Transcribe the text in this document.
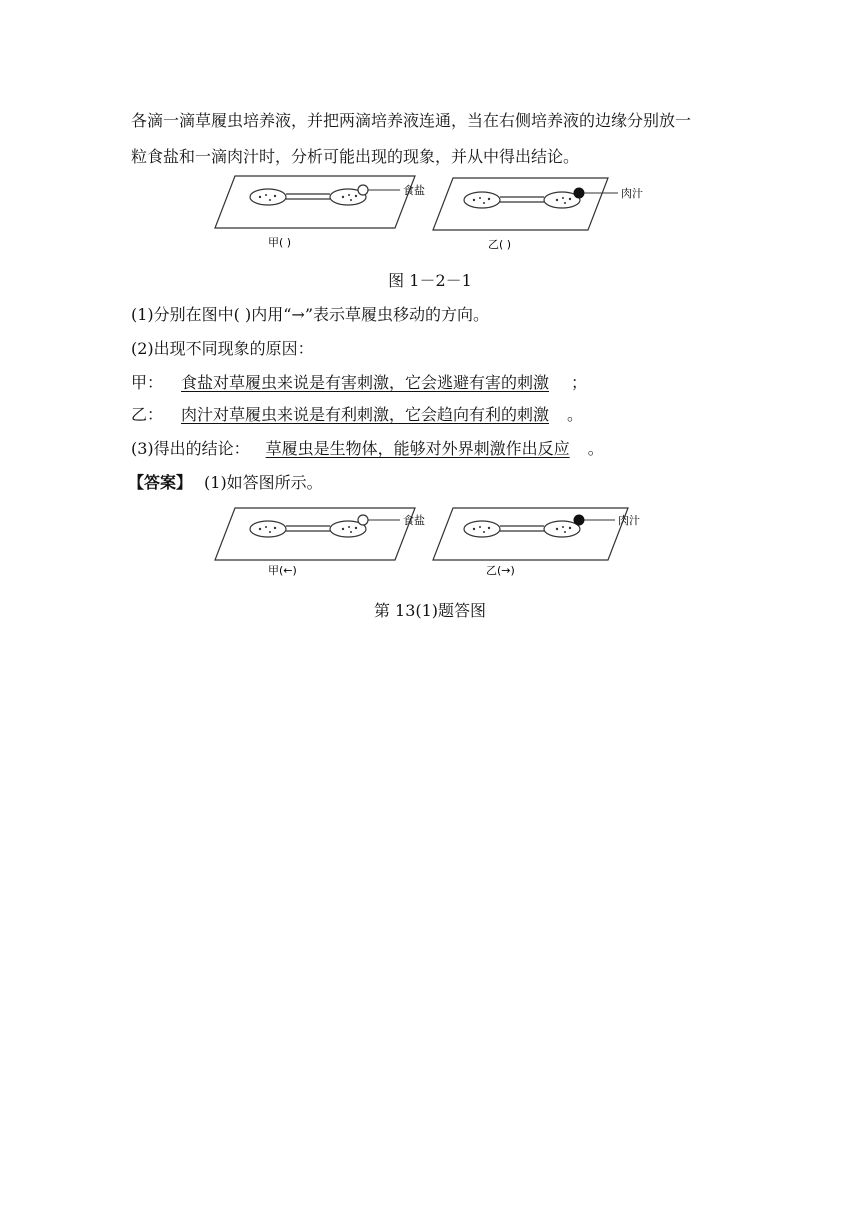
各滴一滴草履虫培养液，并把两滴培养液连通，当在右侧培养液的边缘分别放一
粒食盐和一滴肉汁时，分析可能出现的现象，并从中得出结论。
食盐
甲( )
肉汁
乙( )
图 1－2－1
(1)分别在图中( )内用“→”表示草履虫移动的方向。
(2)出现不同现象的原因：
甲： 食盐对草履虫来说是有害刺激，它会逃避有害的刺激 ；
乙： 肉汁对草履虫来说是有利刺激，它会趋向有利的刺激 。
(3)得出的结论： 草履虫是生物体，能够对外界刺激作出反应 。
【答案】 (1)如答图所示。
食盐
甲(←)
肉汁
乙(→)
第 13(1)题答图
